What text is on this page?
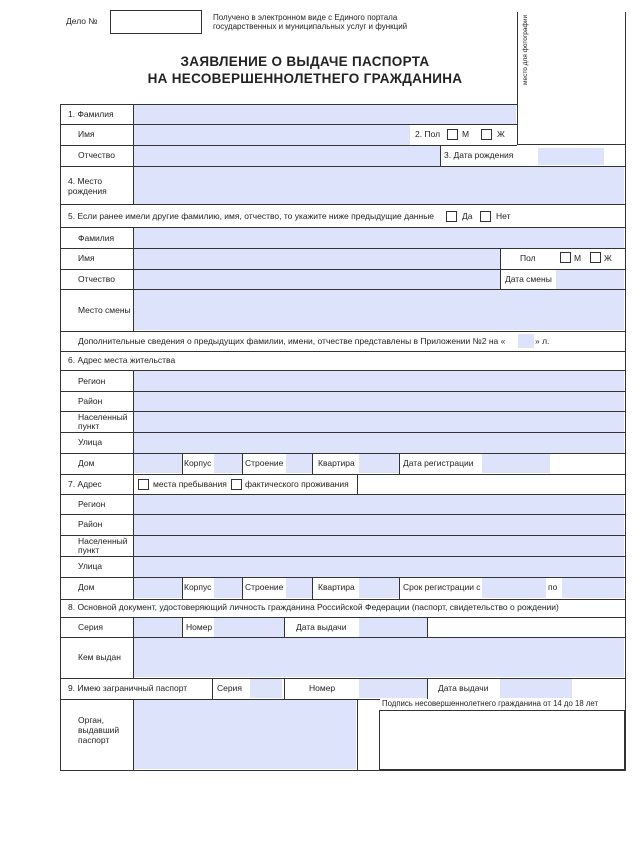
Дело №	Получено в электронном виде с Единого портала государственных и муниципальных услуг и функций
ЗАЯВЛЕНИЕ О ВЫДАЧЕ ПАСПОРТА
НА НЕСОВЕРШЕННОЛЕТНЕГО ГРАЖДАНИНА	место для фотографии
1. Фамилия
Имя	2. Пол	М	Ж
Отчество	3. Дата рождения
4. Место рождения
5. Если ранее имели другие фамилию, имя, отчество, то укажите ниже предыдущие данные	Да	Нет
Фамилия
Имя	Пол	М	Ж
Отчество	Дата смены
Место смены
Дополнительные сведения о предыдущих фамилии, имени, отчестве представлены в Приложении №2 на «	» л.
6. Адрес места жительства
Регион
Район
Населенный пункт
Улица
Дом	Корпус	Строение	Квартира	Дата регистрации
7. Адрес	места пребывания фактического проживания
Регион
Район
Населенный пункт
Улица
Дом	Корпус	Строение	Квартира	Срок регистрации с	по
8. Основной документ, удостоверяющий личность гражданина Российской Федерации (паспорт, свидетельство о рождении)
Серия	Номер	Дата выдачи
Кем выдан
9. Имею заграничный паспорт	Серия	Номер	Дата выдачи
Орган, выдавший паспорт
Подпись несовершеннолетнего гражданина от 14 до 18 лет
